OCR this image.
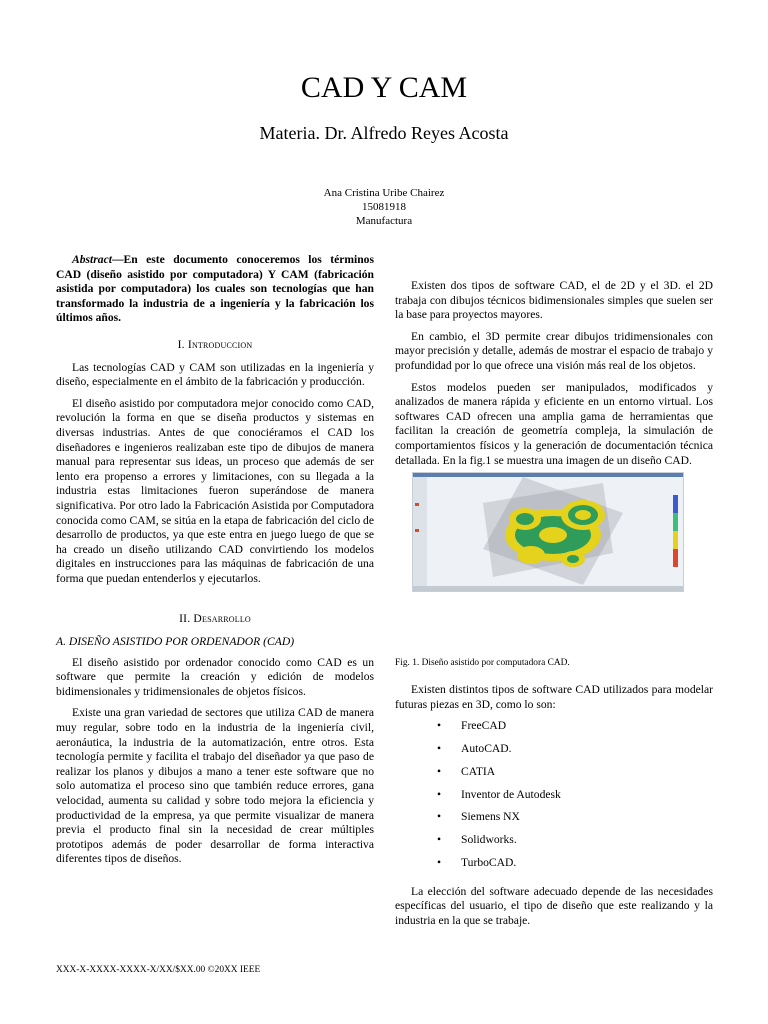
CAD Y CAM
Materia. Dr. Alfredo Reyes Acosta
Ana Cristina Uribe Chairez
15081918
Manufactura

Abstract—En este documento conoceremos los términos CAD (diseño asistido por computadora) Y CAM (fabricación asistida por computadora) los cuales son tecnologías que han transformado la industria de a ingeniería y la fabricación los últimos años.

I. Introduccion

Las tecnologías CAD y CAM son utilizadas en la ingeniería y diseño, especialmente en el ámbito de la fabricación y producción.

El diseño asistido por computadora mejor conocido como CAD, revolución la forma en que se diseña productos y sistemas en diversas industrias. Antes de que conociéramos el CAD los diseñadores e ingenieros realizaban este tipo de dibujos de manera manual para representar sus ideas, un proceso que además de ser lento era propenso a errores y limitaciones, con su llegada a la industria estas limitaciones fueron superándose de manera significativa. Por otro lado la Fabricación Asistida por Computadora conocida como CAM, se sitúa en la etapa de fabricación del ciclo de desarrollo de productos, ya que este entra en juego luego de que se ha creado un diseño utilizando CAD convirtiendo los modelos digitales en instrucciones para las máquinas de fabricación de una forma que puedan entenderlos y ejecutarlos.

II. Desarrollo

A. DISEÑO ASISTIDO POR ORDENADOR (CAD)

El diseño asistido por ordenador conocido como CAD es un software que permite la creación y edición de modelos bidimensionales y tridimensionales de objetos físicos.

Existe una gran variedad de sectores que utiliza CAD de manera muy regular, sobre todo en la industria de la ingeniería civil, aeronáutica, la industria de la automatización, entre otros. Esta tecnología permite y facilita el trabajo del diseñador ya que paso de realizar los planos y dibujos a mano a tener este software que no solo automatiza el proceso sino que también reduce errores, gana velocidad, aumenta su calidad y sobre todo mejora la eficiencia y productividad de la empresa, ya que permite visualizar de manera previa el producto final sin la necesidad de crear múltiples prototipos además de poder desarrollar de forma interactiva diferentes tipos de diseños.

Existen dos tipos de software CAD, el de 2D y el 3D. el 2D trabaja con dibujos técnicos bidimensionales simples que suelen ser la base para proyectos mayores.

En cambio, el 3D permite crear dibujos tridimensionales con mayor precisión y detalle, además de mostrar el espacio de trabajo y profundidad por lo que ofrece una visión más real de los objetos.

Estos modelos pueden ser manipulados, modificados y analizados de manera rápida y eficiente en un entorno virtual. Los softwares CAD ofrecen una amplia gama de herramientas que facilitan la creación de geometría compleja, la simulación de comportamientos físicos y la generación de documentación técnica detallada. En la fig.1 se muestra una imagen de un diseño CAD.

Fig. 1. Diseño asistido por computadora CAD.

Existen distintos tipos de software CAD utilizados para modelar futuras piezas en 3D, como lo son:

• FreeCAD
• AutoCAD.
• CATIA
• Inventor de Autodesk
• Siemens NX
• Solidworks.
• TurboCAD.

La elección del software adecuado depende de las necesidades específicas del usuario, el tipo de diseño que este realizando y la industria en la que se trabaje.

XXX-X-XXXX-XXXX-X/XX/$XX.00 ©20XX IEEE
